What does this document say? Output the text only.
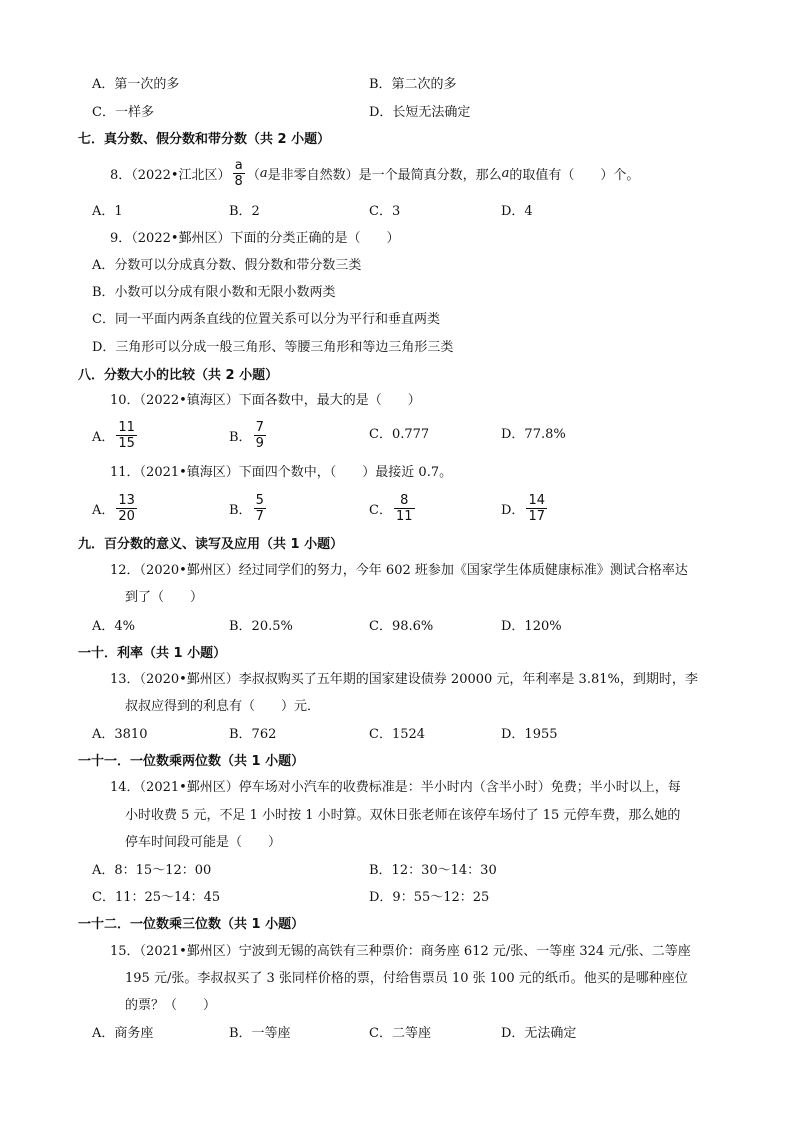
A．第一次的多	B．第二次的多
C．一样多	D．长短无法确定
七．真分数、假分数和带分数（共 2 小题）
8．（2022•江北区） $\frac{a}{8}$ （ a 是非零自然数）是一个最简真分数，那么 a 的取值有（　　）个。
A．1	B．2	C．3	D．4
9．（2022•鄞州区）下面的分类正确的是（　　）
A．分数可以分成真分数、假分数和带分数三类
B．小数可以分成有限小数和无限小数两类
C．同一平面内两条直线的位置关系可以分为平行和垂直两类
D．三角形可以分成一般三角形、等腰三角形和等边三角形三类
八．分数大小的比较（共 2 小题）
10．（2022•镇海区）下面各数中，最大的是（　　）
A． $\frac{11}{15}$	B． $\frac{7}{9}$	C．0.777	D．77.8%
11．（2021•镇海区）下面四个数中，（　　）最接近 0.7。
A． $\frac{13}{20}$	B． $\frac{5}{7}$	C． $\frac{8}{11}$	D． $\frac{14}{17}$
九．百分数的意义、读写及应用（共 1 小题）
12．（2020•鄞州区）经过同学们的努力，今年 602 班参加《国家学生体质健康标准》测试合格率达
到了（　　）
A．4%	B．20.5%	C．98.6%	D．120%
一十．利率（共 1 小题）
13．（2020•鄞州区）李叔叔购买了五年期的国家建设债券 20000 元，年利率是 3.81%，到期时，李
叔叔应得到的利息有（　　）元．
A．3810	B．762	C．1524	D．1955
一十一．一位数乘两位数（共 1 小题）
14．（2021•鄞州区）停车场对小汽车的收费标准是：半小时内（含半小时）免费；半小时以上，每
小时收费 5 元，不足 1 小时按 1 小时算。双休日张老师在该停车场付了 15 元停车费，那么她的
停车时间段可能是（　　）
A．8：15～12：00	B．12：30～14：30
C．11：25～14：45	D．9：55～12：25
一十二．一位数乘三位数（共 1 小题）
15．（2021•鄞州区）宁波到无锡的高铁有三种票价：商务座 612 元/张、一等座 324 元/张、二等座
195 元/张。李叔叔买了 3 张同样价格的票，付给售票员 10 张 100 元的纸币。他买的是哪种座位
的票？（　　）
A．商务座	B．一等座	C．二等座	D．无法确定
